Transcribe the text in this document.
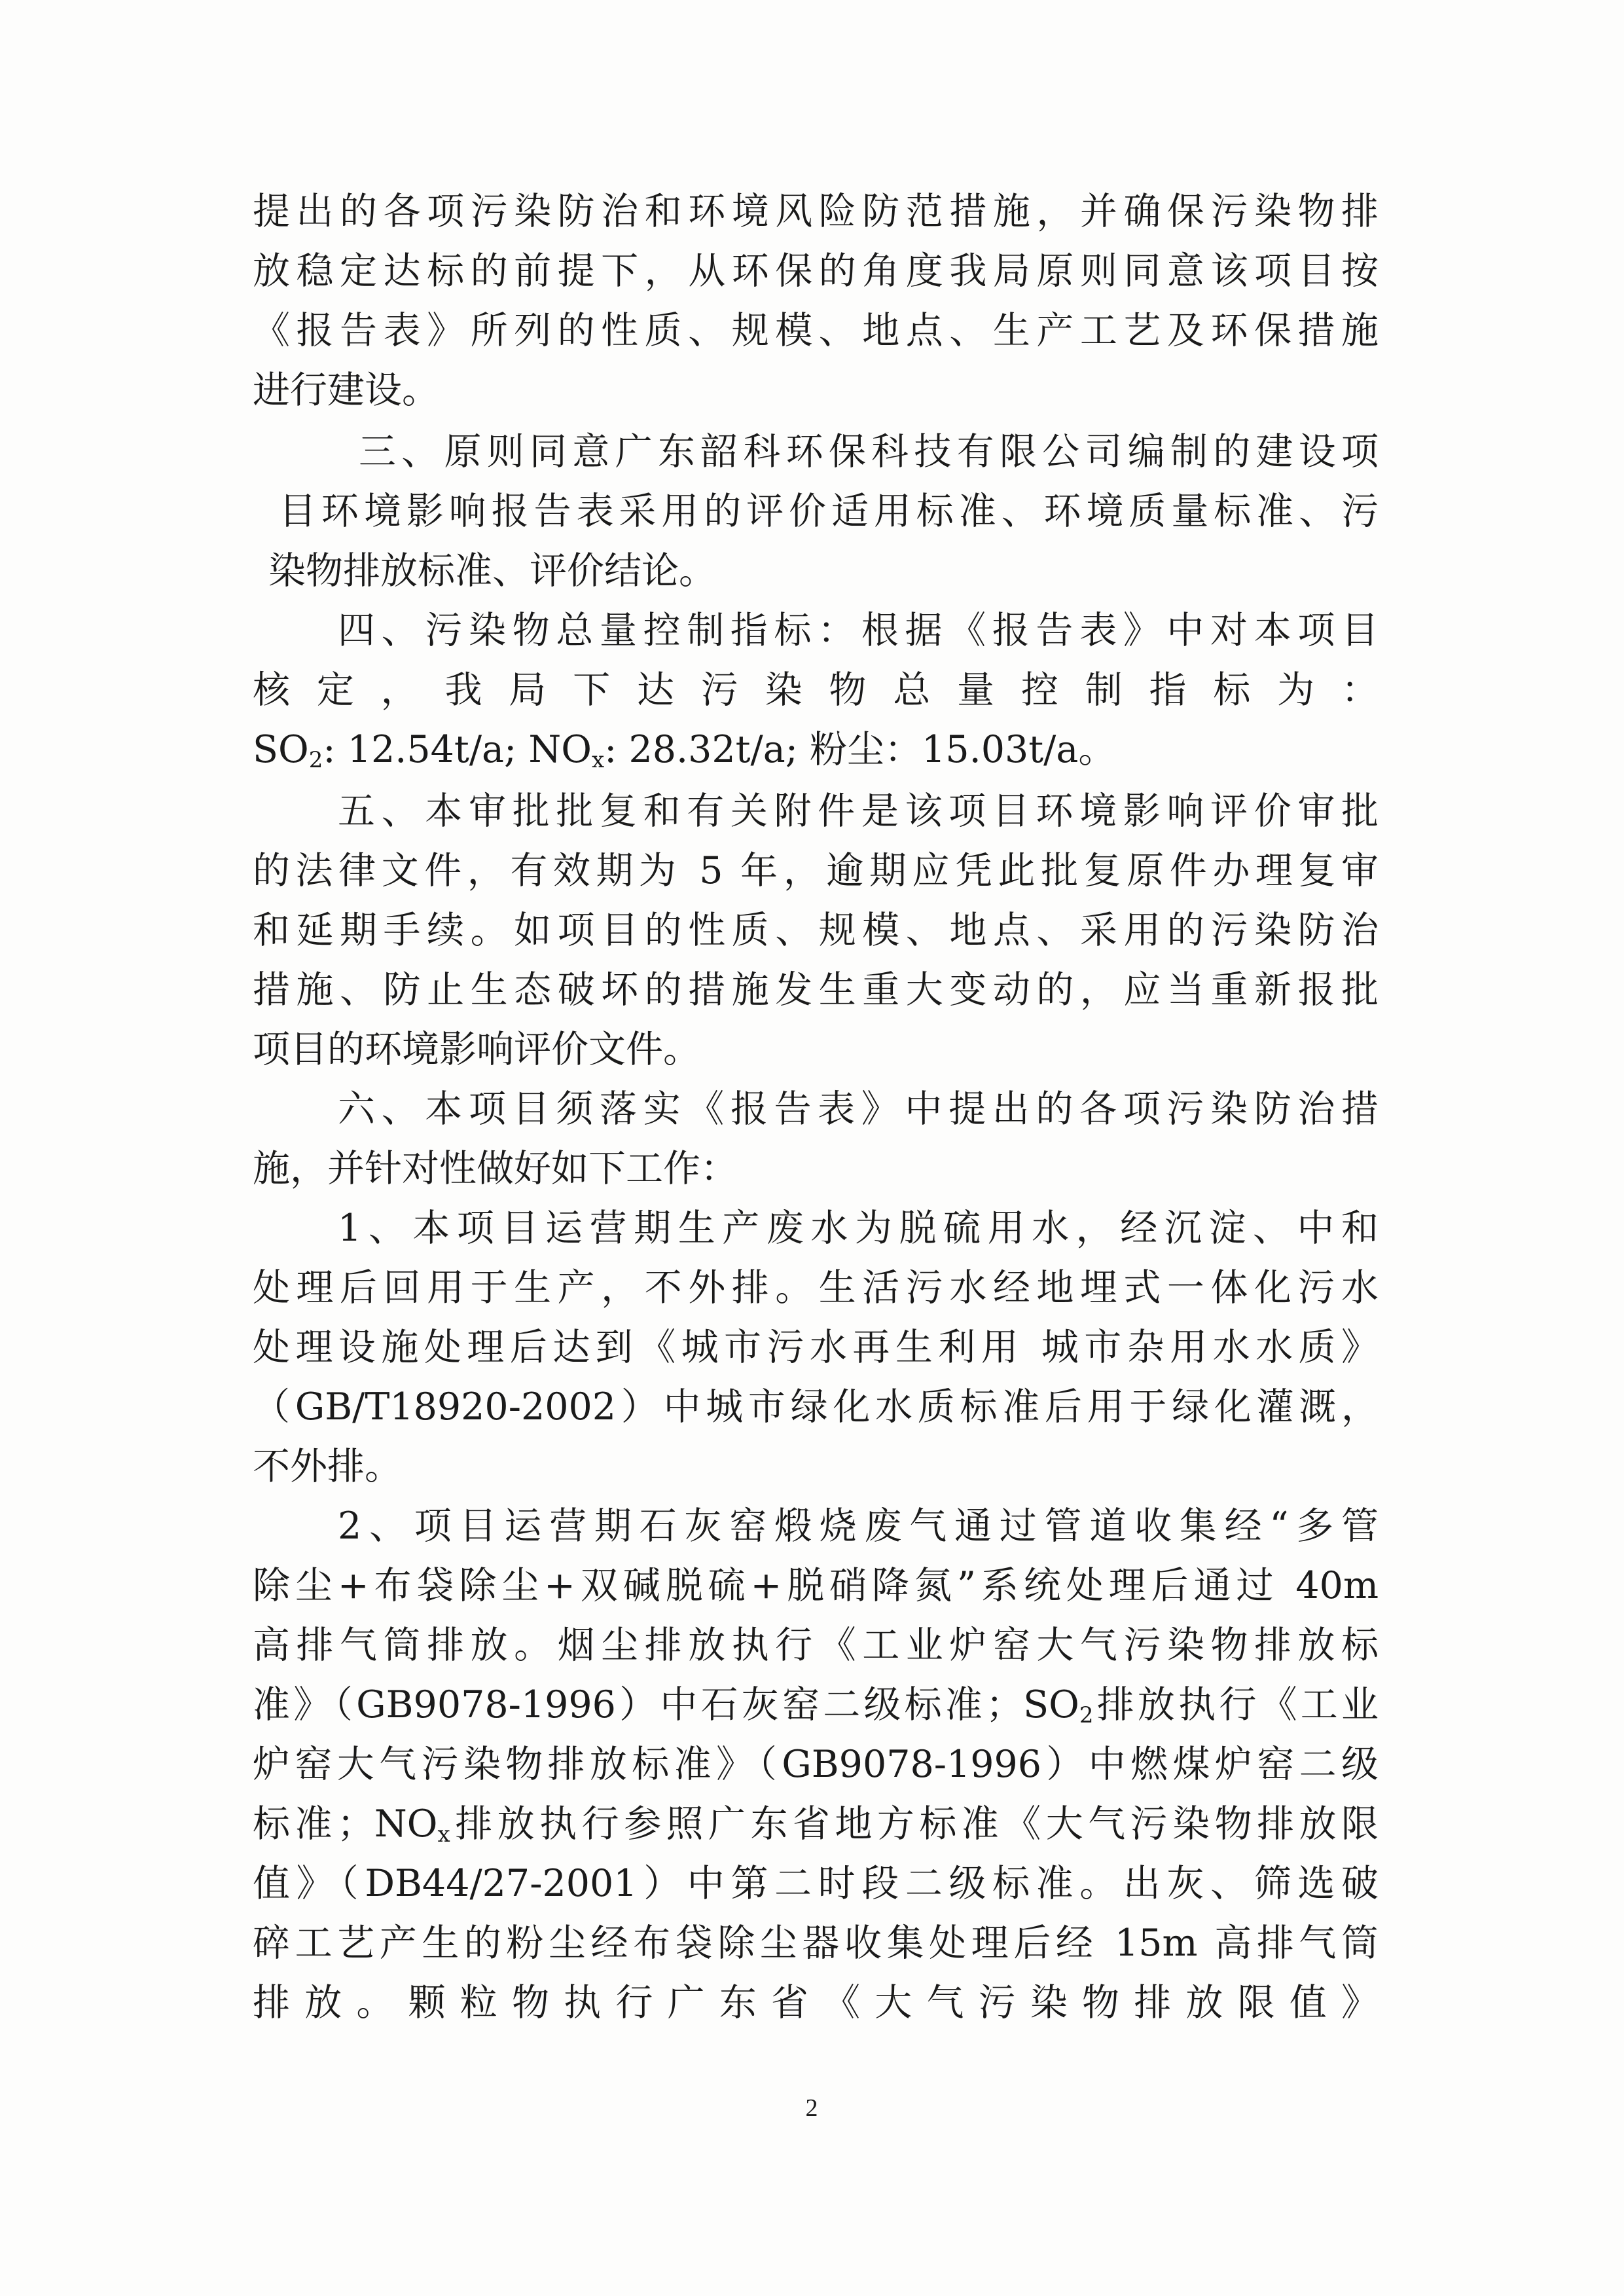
提出的各项污染防治和环境风险防范措施，并确保污染物排
放稳定达标的前提下，从环保的角度我局原则同意该项目按
《报告表》所列的性质、规模、地点、生产工艺及环保措施
进行建设。
三、原则同意广东韶科环保科技有限公司编制的建设项
目环境影响报告表采用的评价适用标准、环境质量标准、污
染物排放标准、评价结论。
四、污染物总量控制指标：根据《报告表》中对本项目
核定，我局下达污染物总量控制指标为：
$SO_2$: 12.54t/a; $NO_x$: 28.32t/a; 粉尘：15.03t/a。
五、本审批批复和有关附件是该项目环境影响评价审批
的法律文件，有效期为 5 年，逾期应凭此批复原件办理复审
和延期手续。如项目的性质、规模、地点、采用的污染防治
措施、防止生态破坏的措施发生重大变动的，应当重新报批
项目的环境影响评价文件。
六、本项目须落实《报告表》中提出的各项污染防治措
施，并针对性做好如下工作：
1、本项目运营期生产废水为脱硫用水，经沉淀、中和
处理后回用于生产，不外排。生活污水经地埋式一体化污水
处理设施处理后达到《城市污水再生利用 城市杂用水水质》
（GB/T18920-2002）中城市绿化水质标准后用于绿化灌溉，
不外排。
2、项目运营期石灰窑煅烧废气通过管道收集经“多管
除尘+布袋除尘+双碱脱硫+脱硝降氮”系统处理后通过 40m
高排气筒排放。烟尘排放执行《工业炉窑大气污染物排放标
准》（GB9078-1996）中石灰窑二级标准；$SO_2$排放执行《工业
炉窑大气污染物排放标准》（GB9078-1996）中燃煤炉窑二级
标准；$NO_x$排放执行参照广东省地方标准《大气污染物排放限
值》（DB44/27-2001）中第二时段二级标准。出灰、筛选破
碎工艺产生的粉尘经布袋除尘器收集处理后经 15m 高排气筒
排放。颗粒物执行广东省《大气污染物排放限值》
2
